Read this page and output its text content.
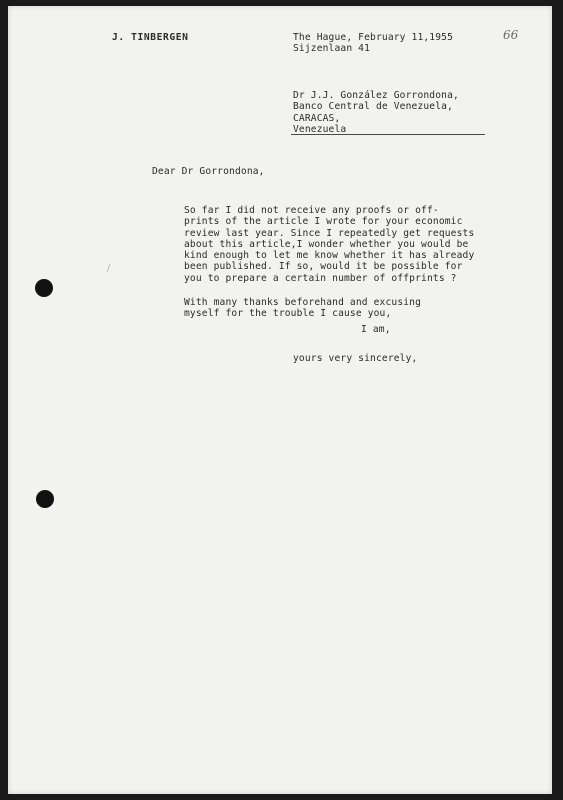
J. TINBERGEN	The Hague, February 11,1955
Sijzenlaan 41
66
Dr J.J. González Gorrondona,
Banco Central de Venezuela,
CARACAS,
Venezuela
Dear Dr Gorrondona,
So far I did not receive any proofs or off-
prints of the article I wrote for your economic
review last year. Since I repeatedly get requests
about this article,I wonder whether you would be
kind enough to let me know whether it has already
been published. If so, would it be possible for
you to prepare a certain number of offprints ?
With many thanks beforehand and excusing
myself for the trouble I cause you,
I am,
yours very sincerely,
